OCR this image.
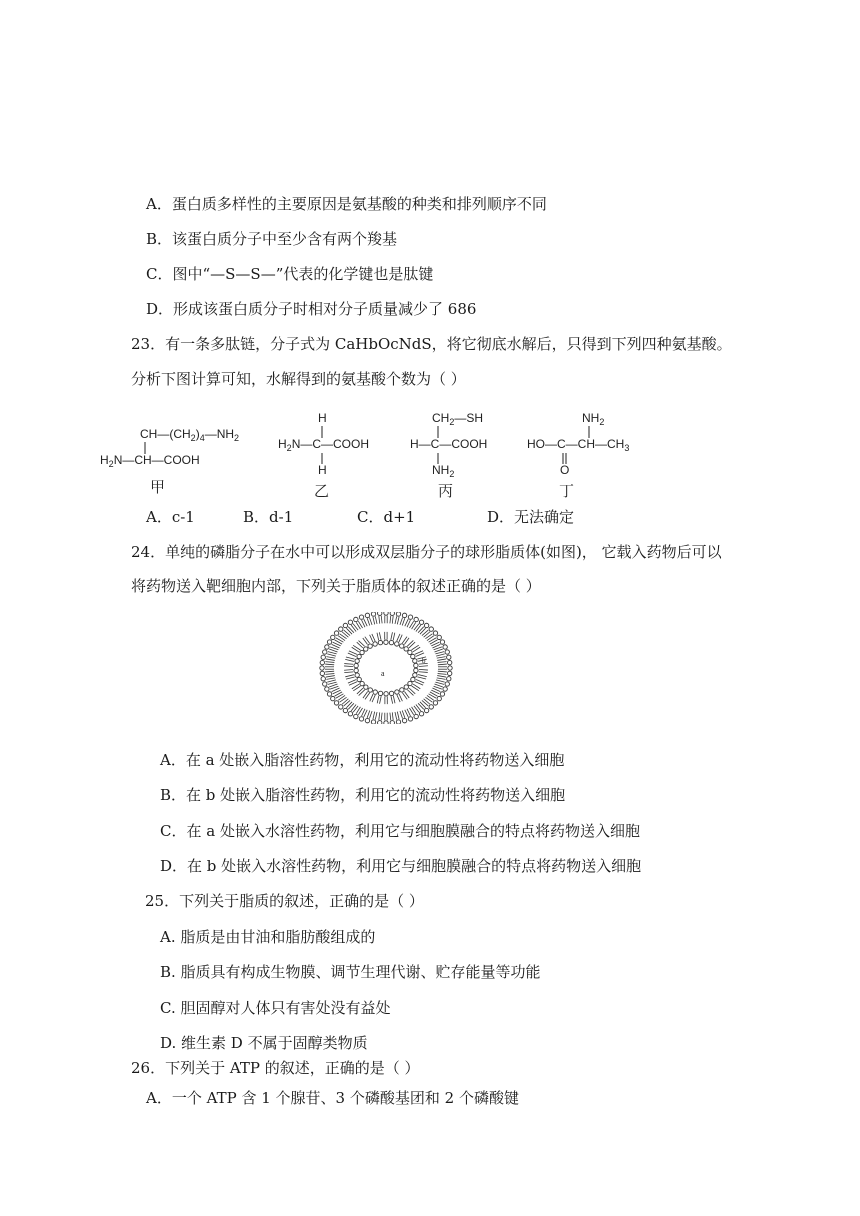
A．蛋白质多样性的主要原因是氨基酸的种类和排列顺序不同
B．该蛋白质分子中至少含有两个羧基
C．图中“—S—S—”代表的化学键也是肽键
D．形成该蛋白质分子时相对分子质量减少了 686
23．有一条多肽链，分子式为 CaHbOcNdS，将它彻底水解后，只得到下列四种氨基酸。
分析下图计算可知，水解得到的氨基酸个数为（ ）
$CH—(CH_2)_4—NH_2$
$H_2N—CH—COOH$
甲
H
$H_2N—C—COOH$
H
乙
$CH_2—SH$
H—C—COOH
$NH_2$
丙
$NH_2$
$HO—C—CH—CH_3$
O
丁
A．c-1	B．d-1	C．d+1	D．无法确定
24．单纯的磷脂分子在水中可以形成双层脂分子的球形脂质体(如图)， 它载入药物后可以
将药物送入靶细胞内部，下列关于脂质体的叙述正确的是（ ）
a
b
A．在 a 处嵌入脂溶性药物，利用它的流动性将药物送入细胞
B．在 b 处嵌入脂溶性药物，利用它的流动性将药物送入细胞
C．在 a 处嵌入水溶性药物，利用它与细胞膜融合的特点将药物送入细胞
D．在 b 处嵌入水溶性药物，利用它与细胞膜融合的特点将药物送入细胞
25．下列关于脂质的叙述，正确的是（ ）
A. 脂质是由甘油和脂肪酸组成的
B. 脂质具有构成生物膜、调节生理代谢、贮存能量等功能
C. 胆固醇对人体只有害处没有益处
D. 维生素 D 不属于固醇类物质
26．下列关于 ATP 的叙述，正确的是（ ）
A．一个 ATP 含 1 个腺苷、3 个磷酸基团和 2 个磷酸键
